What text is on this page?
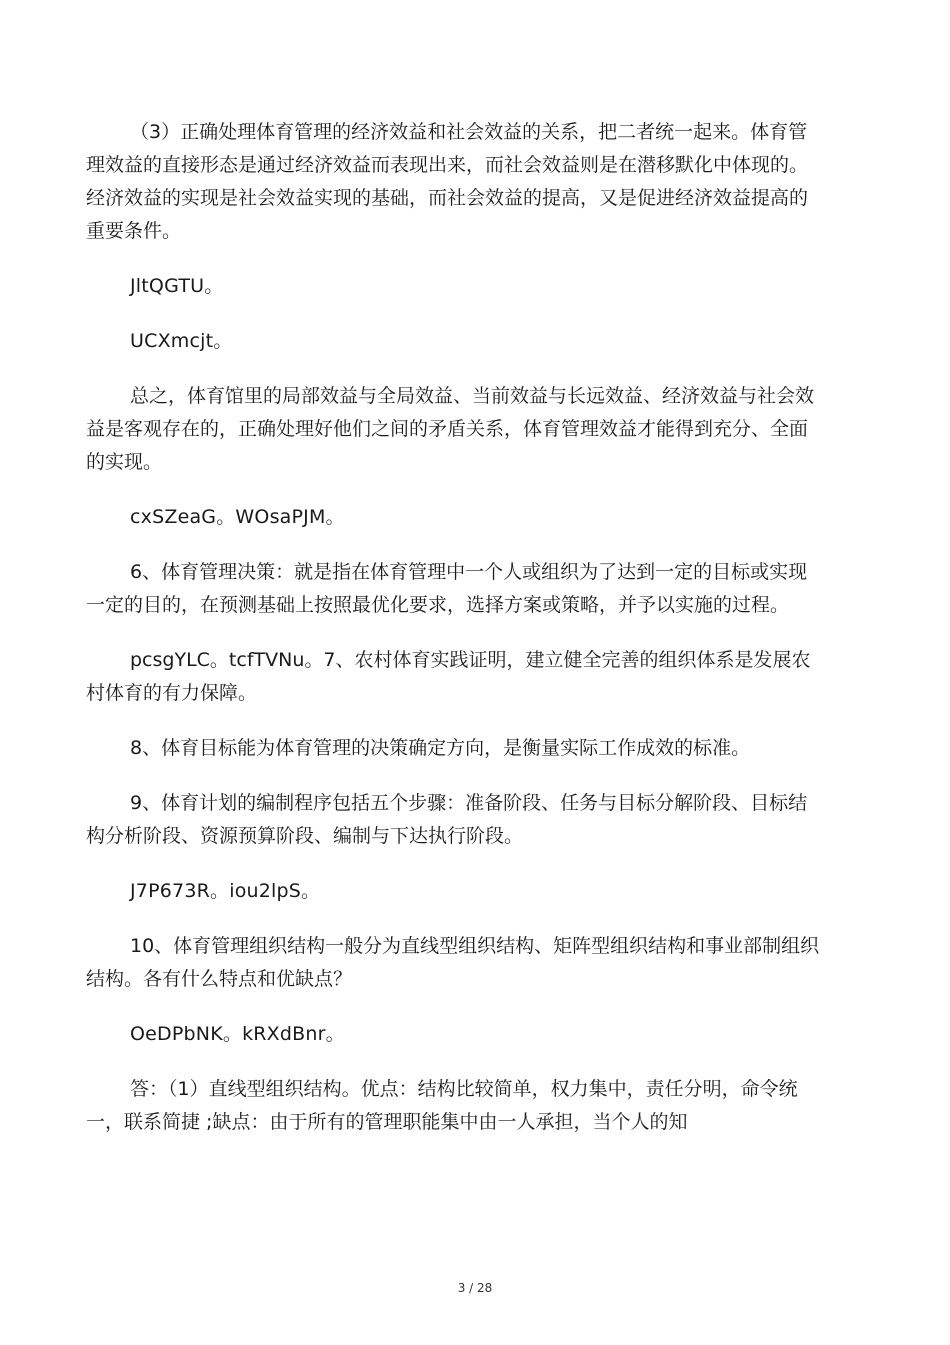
（3）正确处理体育管理的经济效益和社会效益的关系，把二者统一起来。体育管理效益的直接形态是通过经济效益而表现出来，而社会效益则是在潜移默化中体现的。经济效益的实现是社会效益实现的基础，而社会效益的提高，又是促进经济效益提高的重要条件。

JltQGTU。

UCXmcjt。

总之，体育馆里的局部效益与全局效益、当前效益与长远效益、经济效益与社会效益是客观存在的，正确处理好他们之间的矛盾关系，体育管理效益才能得到充分、全面的实现。

cxSZeaG。WOsaPJM。

6、体育管理决策：就是指在体育管理中一个人或组织为了达到一定的目标或实现一定的目的，在预测基础上按照最优化要求，选择方案或策略，并予以实施的过程。

pcsgYLC。tcfTVNu。7、农村体育实践证明，建立健全完善的组织体系是发展农村体育的有力保障。

8、体育目标能为体育管理的决策确定方向，是衡量实际工作成效的标准。

9、体育计划的编制程序包括五个步骤：准备阶段、任务与目标分解阶段、目标结构分析阶段、资源预算阶段、编制与下达执行阶段。

J7P673R。iou2lpS。

10、体育管理组织结构一般分为直线型组织结构、矩阵型组织结构和事业部制组织结构。各有什么特点和优缺点？

OeDPbNK。kRXdBnr。

答：（1）直线型组织结构。优点：结构比较简单，权力集中，责任分明，命令统一，联系简捷 ;缺点：由于所有的管理职能集中由一人承担，当个人的知

3 / 28
